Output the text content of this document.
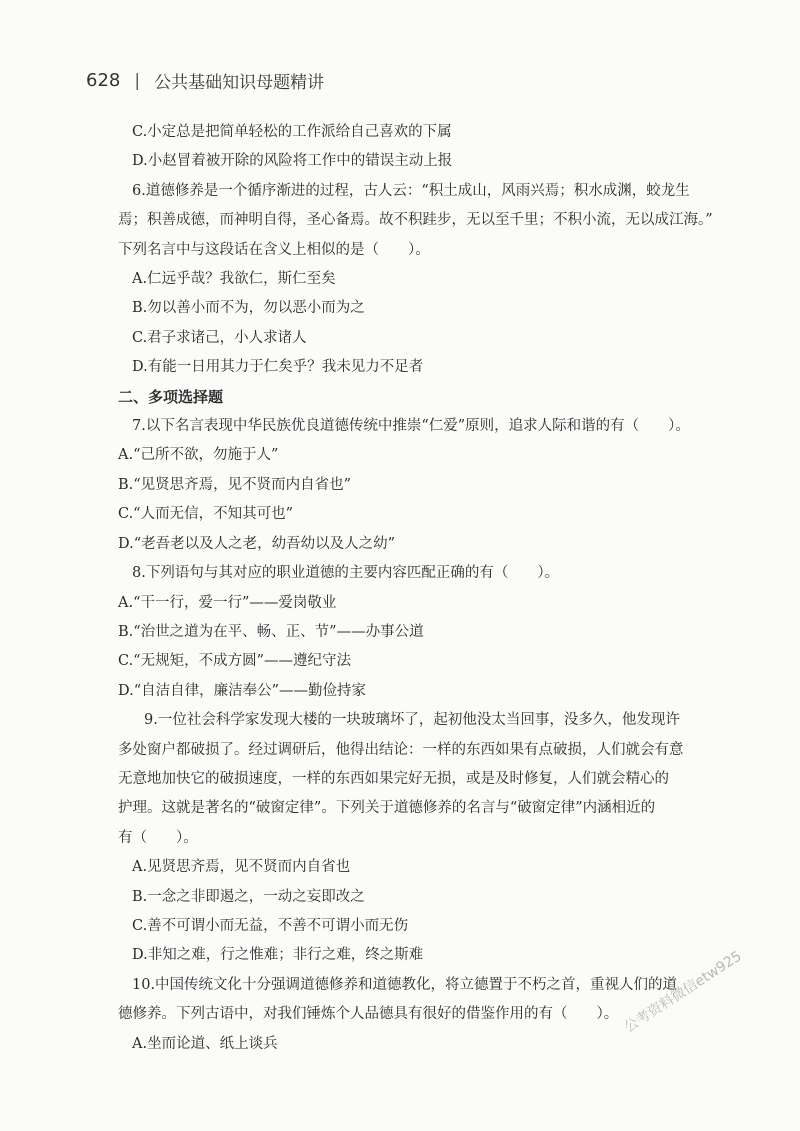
628 | 公共基础知识母题精讲
C.小定总是把简单轻松的工作派给自己喜欢的下属
D.小赵冒着被开除的风险将工作中的错误主动上报
6.道德修养是一个循序渐进的过程，古人云：“积土成山，风雨兴焉；积水成渊，蛟龙生
焉；积善成德，而神明自得，圣心备焉。故不积跬步，无以至千里；不积小流，无以成江海。”
下列名言中与这段话在含义上相似的是（　　）。
A.仁远乎哉？我欲仁，斯仁至矣
B.勿以善小而不为，勿以恶小而为之
C.君子求诸己，小人求诸人
D.有能一日用其力于仁矣乎？我未见力不足者
二、多项选择题
7.以下名言表现中华民族优良道德传统中推崇“仁爱”原则，追求人际和谐的有（　　）。
A.“己所不欲，勿施于人”
B.“见贤思齐焉，见不贤而内自省也”
C.“人而无信，不知其可也”
D.“老吾老以及人之老，幼吾幼以及人之幼”
8.下列语句与其对应的职业道德的主要内容匹配正确的有（　　）。
A.“干一行，爱一行”——爱岗敬业
B.“治世之道为在平、畅、正、节”——办事公道
C.“无规矩，不成方圆”——遵纪守法
D.“自洁自律，廉洁奉公”——勤俭持家
9.一位社会科学家发现大楼的一块玻璃坏了，起初他没太当回事，没多久，他发现许
多处窗户都破损了。经过调研后，他得出结论：一样的东西如果有点破损，人们就会有意
无意地加快它的破损速度，一样的东西如果完好无损，或是及时修复，人们就会精心的
护理。这就是著名的“破窗定律”。下列关于道德修养的名言与“破窗定律”内涵相近的
有（　　）。
A.见贤思齐焉，见不贤而内自省也
B.一念之非即遏之，一动之妄即改之
C.善不可谓小而无益，不善不可谓小而无伤
D.非知之难，行之惟难；非行之难，终之斯难
10.中国传统文化十分强调道德修养和道德教化，将立德置于不朽之首，重视人们的道
德修养。下列古语中，对我们锤炼个人品德具有很好的借鉴作用的有（　　）。
A.坐而论道、纸上谈兵
公考资料微信etw925
